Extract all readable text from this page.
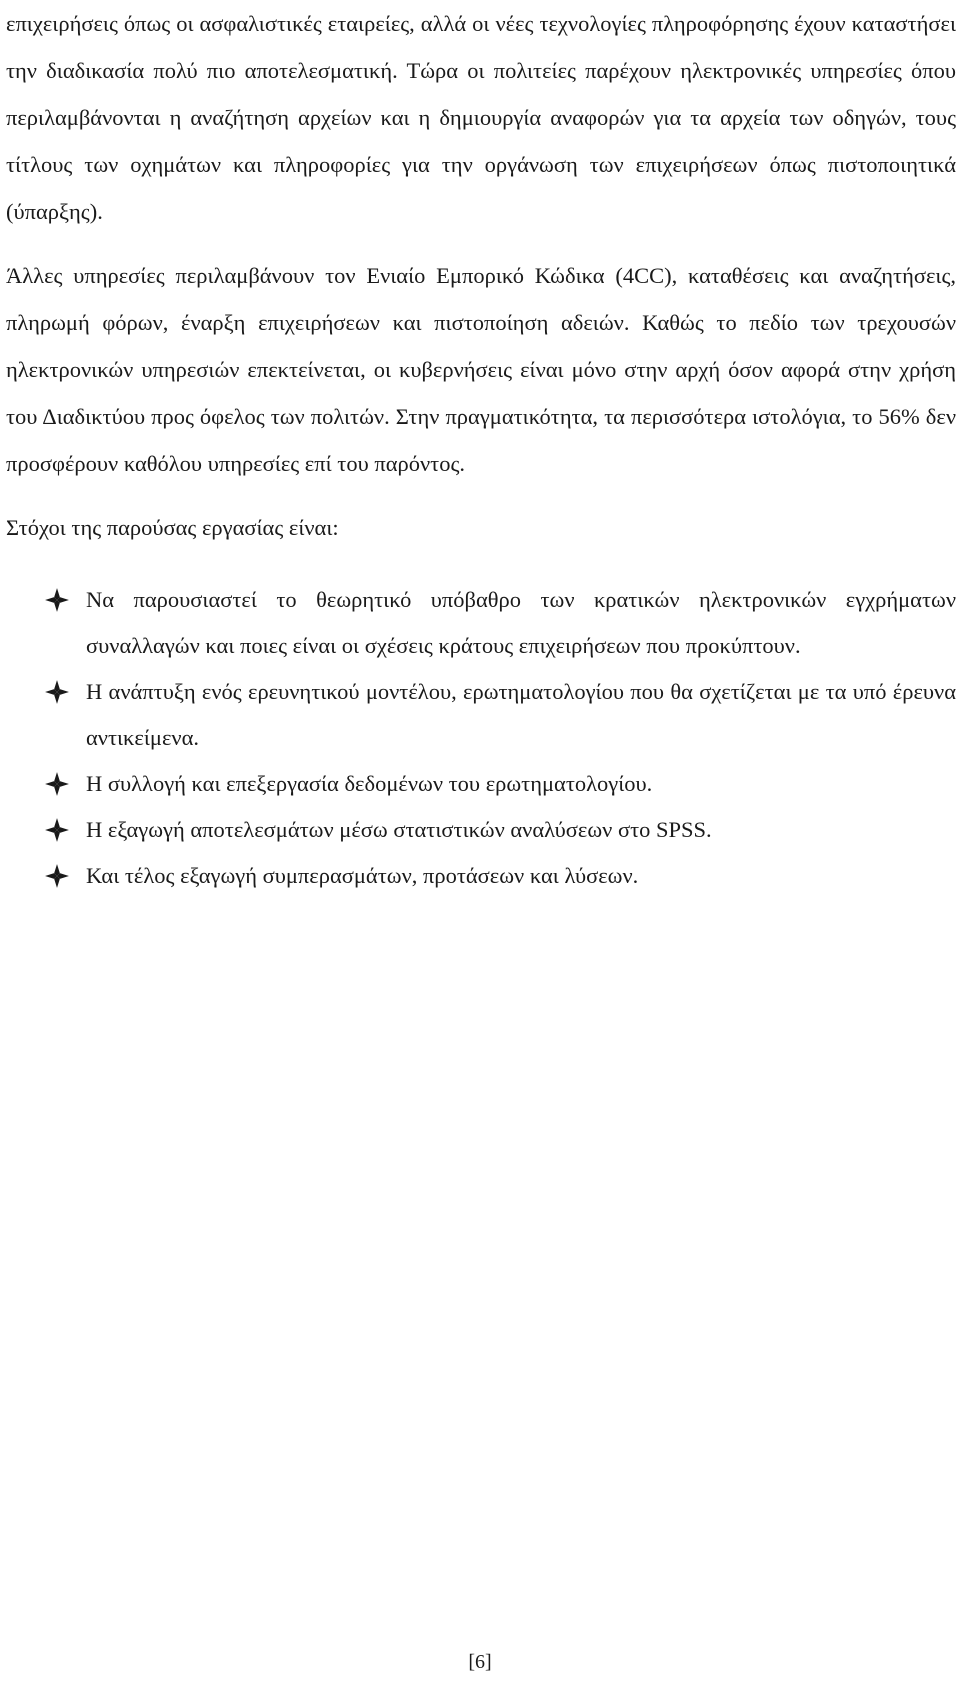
επιχειρήσεις όπως οι ασφαλιστικές εταιρείες, αλλά οι νέες τεχνολογίες πληροφόρησης έχουν καταστήσει την διαδικασία πολύ πιο αποτελεσματική. Τώρα οι πολιτείες παρέχουν ηλεκτρονικές υπηρεσίες όπου περιλαμβάνονται η αναζήτηση αρχείων και η δημιουργία αναφορών για τα αρχεία των οδηγών, τους τίτλους των οχημάτων και πληροφορίες για την οργάνωση των επιχειρήσεων όπως πιστοποιητικά (ύπαρξης).

Άλλες υπηρεσίες περιλαμβάνουν τον Ενιαίο Εμπορικό Κώδικα (4CC), καταθέσεις και αναζητήσεις, πληρωμή φόρων, έναρξη επιχειρήσεων και πιστοποίηση αδειών. Καθώς το πεδίο των τρεχουσών ηλεκτρονικών υπηρεσιών επεκτείνεται, οι κυβερνήσεις είναι μόνο στην αρχή όσον αφορά στην χρήση του Διαδικτύου προς όφελος των πολιτών. Στην πραγματικότητα, τα περισσότερα ιστολόγια, το 56% δεν προσφέρουν καθόλου υπηρεσίες επί του παρόντος.

Στόχοι της παρούσας εργασίας είναι:

Να παρουσιαστεί το θεωρητικό υπόβαθρο των κρατικών ηλεκτρονικών εγχρήματων συναλλαγών και ποιες είναι οι σχέσεις κράτους επιχειρήσεων που προκύπτουν.
Η ανάπτυξη ενός ερευνητικού μοντέλου, ερωτηματολογίου που θα σχετίζεται με τα υπό έρευνα αντικείμενα.
Η συλλογή και επεξεργασία δεδομένων του ερωτηματολογίου.
Η εξαγωγή αποτελεσμάτων μέσω στατιστικών αναλύσεων στο SPSS.
Και τέλος εξαγωγή συμπερασμάτων, προτάσεων και λύσεων.
[6]
